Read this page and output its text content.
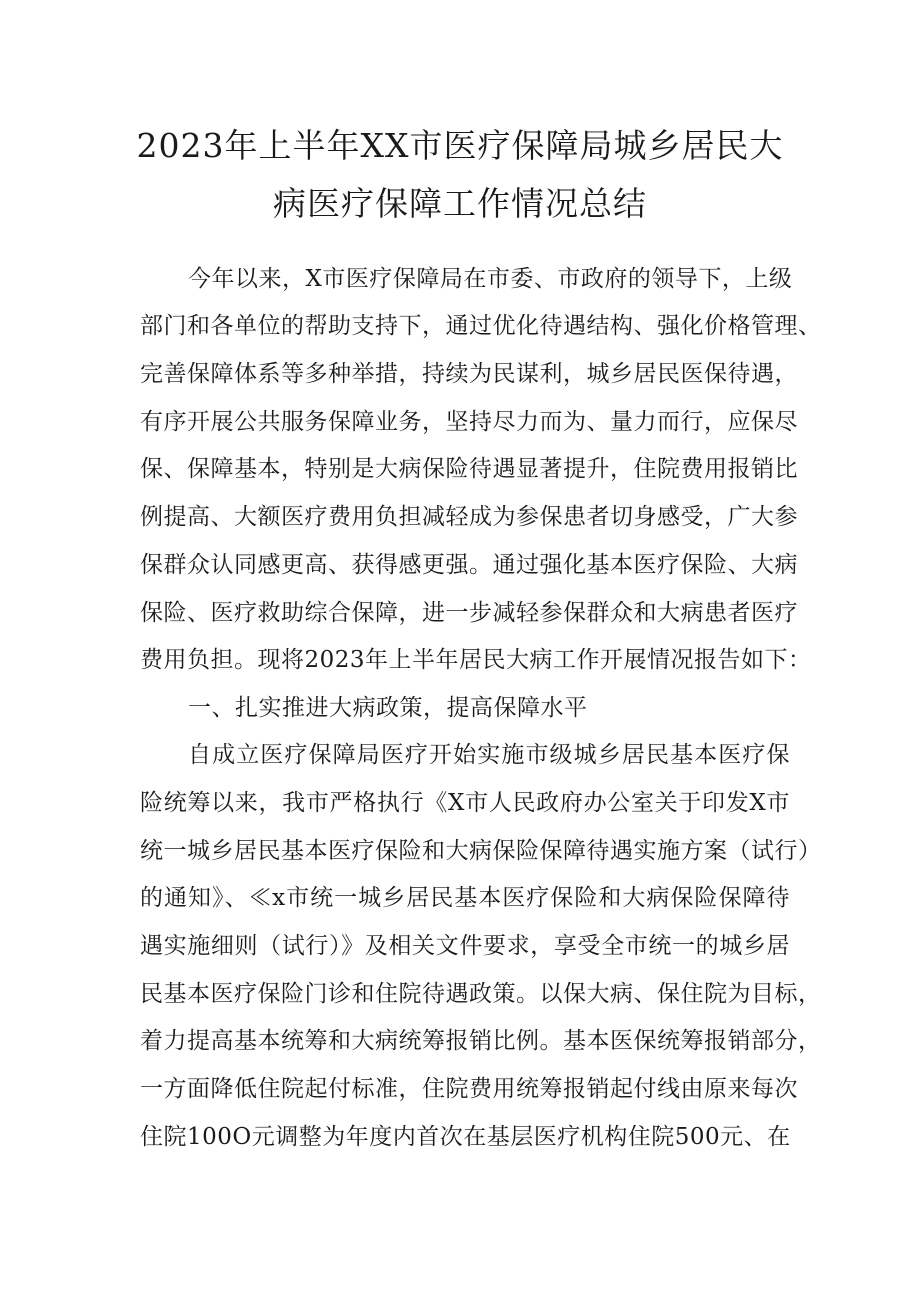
2023年上半年XX市医疗保障局城乡居民大
病医疗保障工作情况总结
今年以来，X市医疗保障局在市委、市政府的领导下，上级
部门和各单位的帮助支持下，通过优化待遇结构、强化价格管理、
完善保障体系等多种举措，持续为民谋利，城乡居民医保待遇，
有序开展公共服务保障业务，坚持尽力而为、量力而行，应保尽
保、保障基本，特别是大病保险待遇显著提升，住院费用报销比
例提高、大额医疗费用负担减轻成为参保患者切身感受，广大参
保群众认同感更高、获得感更强。通过强化基本医疗保险、大病
保险、医疗救助综合保障，进一步减轻参保群众和大病患者医疗
费用负担。现将2023年上半年居民大病工作开展情况报告如下：
一、扎实推进大病政策，提高保障水平
自成立医疗保障局医疗开始实施市级城乡居民基本医疗保
险统筹以来，我市严格执行《X市人民政府办公室关于印发X市
统一城乡居民基本医疗保险和大病保险保障待遇实施方案（试行）
的通知》、≪x市统一城乡居民基本医疗保险和大病保险保障待
遇实施细则（试行）》及相关文件要求，享受全市统一的城乡居
民基本医疗保险门诊和住院待遇政策。以保大病、保住院为目标，
着力提高基本统筹和大病统筹报销比例。基本医保统筹报销部分，
一方面降低住院起付标准，住院费用统筹报销起付线由原来每次
住院100O元调整为年度内首次在基层医疗机构住院500元、在
